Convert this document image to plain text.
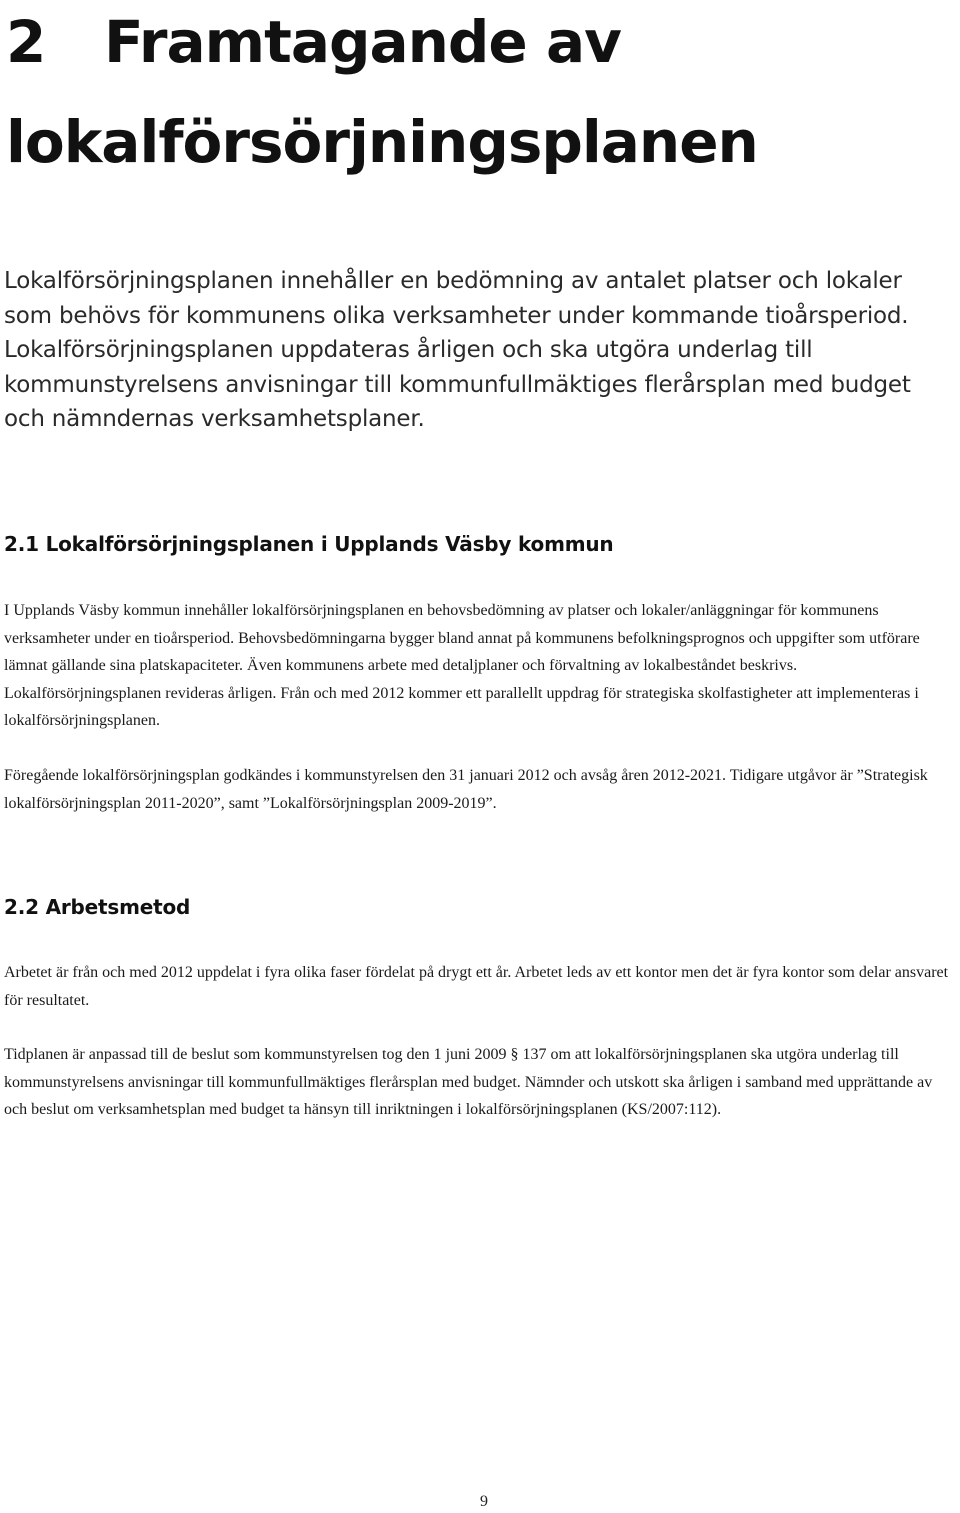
2 Framtagande av lokalförsörjningsplanen

Lokalförsörjningsplanen innehåller en bedömning av antalet platser och lokaler som behövs för kommunens olika verksamheter under kommande tioårsperiod. Lokalförsörjningsplanen uppdateras årligen och ska utgöra underlag till kommunstyrelsens anvisningar till kommunfullmäktiges flerårsplan med budget och nämndernas verksamhetsplaner.

2.1 Lokalförsörjningsplanen i Upplands Väsby kommun

I Upplands Väsby kommun innehåller lokalförsörjningsplanen en behovsbedömning av platser och lokaler/anläggningar för kommunens verksamheter under en tioårsperiod. Behovsbedömningarna bygger bland annat på kommunens befolkningsprognos och uppgifter som utförare lämnat gällande sina platskapaciteter. Även kommunens arbete med detaljplaner och förvaltning av lokalbeståndet beskrivs. Lokalförsörjningsplanen revideras årligen. Från och med 2012 kommer ett parallellt uppdrag för strategiska skolfastigheter att implementeras i lokalförsörjningsplanen.

Föregående lokalförsörjningsplan godkändes i kommunstyrelsen den 31 januari 2012 och avsåg åren 2012-2021. Tidigare utgåvor är ”Strategisk lokalförsörjningsplan 2011-2020”, samt ”Lokalförsörjningsplan 2009-2019”.

2.2 Arbetsmetod

Arbetet är från och med 2012 uppdelat i fyra olika faser fördelat på drygt ett år. Arbetet leds av ett kontor men det är fyra kontor som delar ansvaret för resultatet.

Tidplanen är anpassad till de beslut som kommunstyrelsen tog den 1 juni 2009 § 137 om att lokalförsörjningsplanen ska utgöra underlag till kommunstyrelsens anvisningar till kommunfullmäktiges flerårsplan med budget. Nämnder och utskott ska årligen i samband med upprättande av och beslut om verksamhetsplan med budget ta hänsyn till inriktningen i lokalförsörjningsplanen (KS/2007:112).

9
